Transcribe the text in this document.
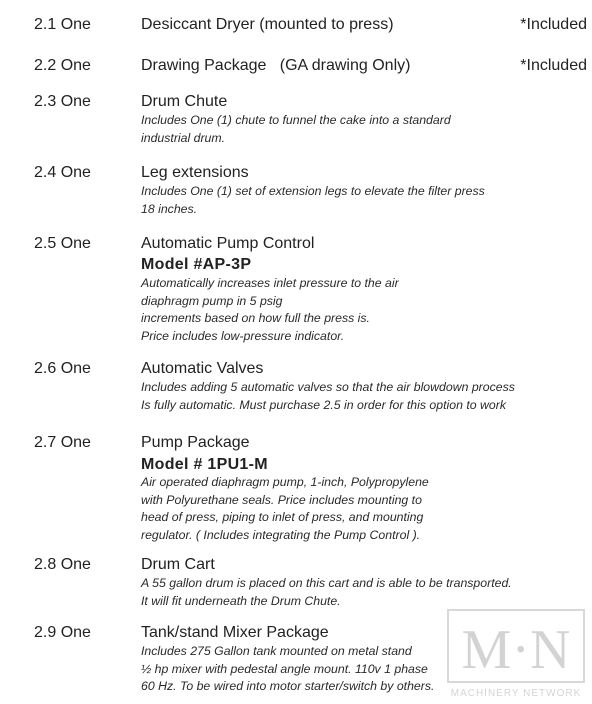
2.1 One	Desiccant Dryer (mounted to press)	*Included
2.2 One	Drawing Package   (GA drawing Only)	*Included
2.3 One	Drum Chute
Includes One (1) chute to funnel the cake into a standard
industrial drum.
2.4 One	Leg extensions
Includes One (1) set of extension legs to elevate the filter press
18 inches.
2.5 One	Automatic Pump Control
Model #AP-3P
Automatically increases inlet pressure to the air
diaphragm pump in 5 psig
increments based on how full the press is.
Price includes low-pressure indicator.
2.6 One	Automatic Valves
Includes adding 5 automatic valves so that the air blowdown process
Is fully automatic. Must purchase 2.5 in order for this option to work
2.7 One	Pump Package
Model # 1PU1-M
Air operated diaphragm pump, 1-inch, Polypropylene
with Polyurethane seals. Price includes mounting to
head of press, piping to inlet of press, and mounting
regulator. ( Includes integrating the Pump Control ).
2.8 One	Drum Cart
A 55 gallon drum is placed on this cart and is able to be transported.
It will fit underneath the Drum Chute.
2.9 One	Tank/stand Mixer Package
Includes 275 Gallon tank mounted on metal stand
½ hp mixer with pedestal angle mount. 110v 1 phase
60 Hz. To be wired into motor starter/switch by others.
M·N
MACHINERY NETWORK
